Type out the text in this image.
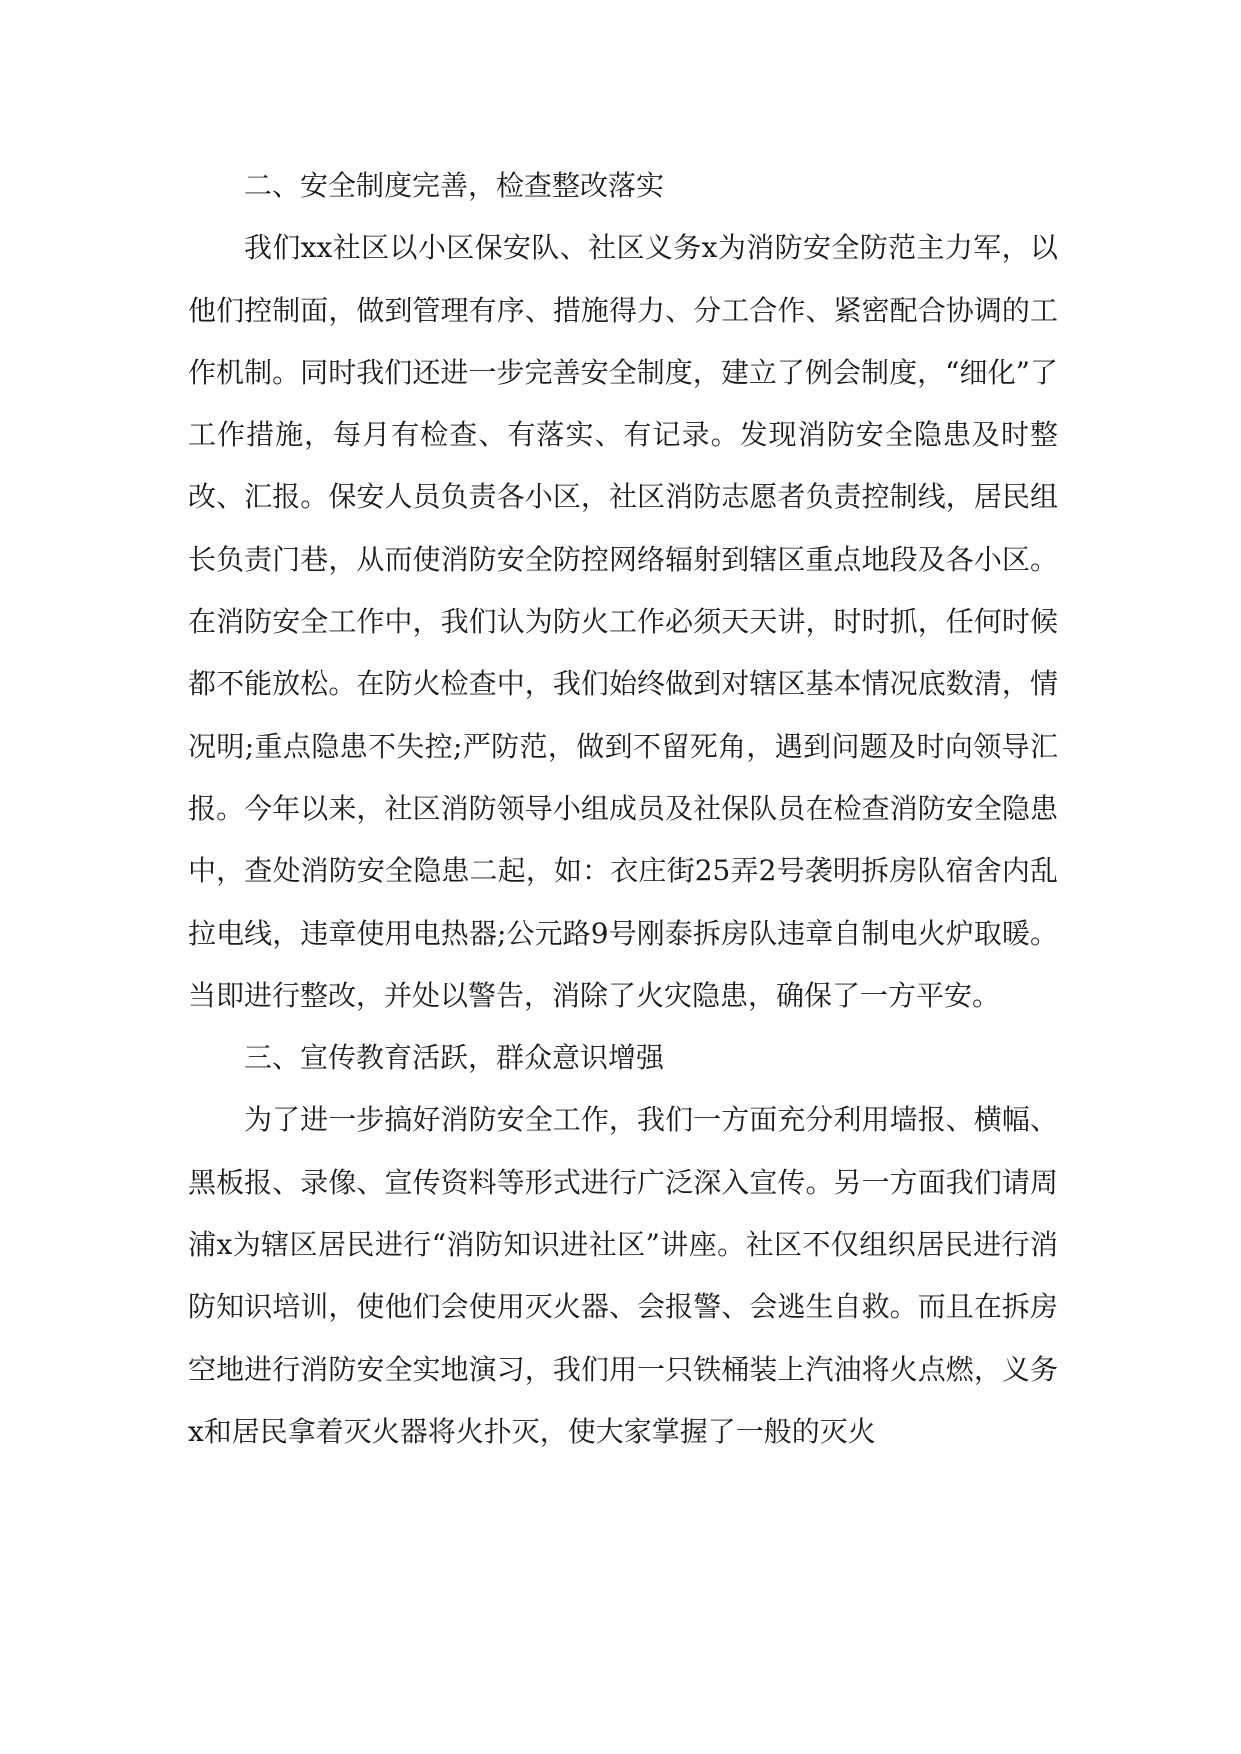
二、安全制度完善，检查整改落实

我们xx社区以小区保安队、社区义务x为消防安全防范主力军，以他们控制面，做到管理有序、措施得力、分工合作、紧密配合协调的工作机制。同时我们还进一步完善安全制度，建立了例会制度，“细化”了工作措施，每月有检查、有落实、有记录。发现消防安全隐患及时整改、汇报。保安人员负责各小区，社区消防志愿者负责控制线，居民组长负责门巷，从而使消防安全防控网络辐射到辖区重点地段及各小区。在消防安全工作中，我们认为防火工作必须天天讲，时时抓，任何时候都不能放松。在防火检查中，我们始终做到对辖区基本情况底数清，情况明;重点隐患不失控;严防范，做到不留死角，遇到问题及时向领导汇报。今年以来，社区消防领导小组成员及社保队员在检查消防安全隐患中，查处消防安全隐患二起，如：衣庄街25弄2号袭明拆房队宿舍内乱拉电线，违章使用电热器;公元路9号刚泰拆房队违章自制电火炉取暖。当即进行整改，并处以警告，消除了火灾隐患，确保了一方平安。

三、宣传教育活跃，群众意识增强

为了进一步搞好消防安全工作，我们一方面充分利用墙报、横幅、黑板报、录像、宣传资料等形式进行广泛深入宣传。另一方面我们请周浦x为辖区居民进行“消防知识进社区”讲座。社区不仅组织居民进行消防知识培训，使他们会使用灭火器、会报警、会逃生自救。而且在拆房空地进行消防安全实地演习，我们用一只铁桶装上汽油将火点燃，义务x和居民拿着灭火器将火扑灭，使大家掌握了一般的灭火
